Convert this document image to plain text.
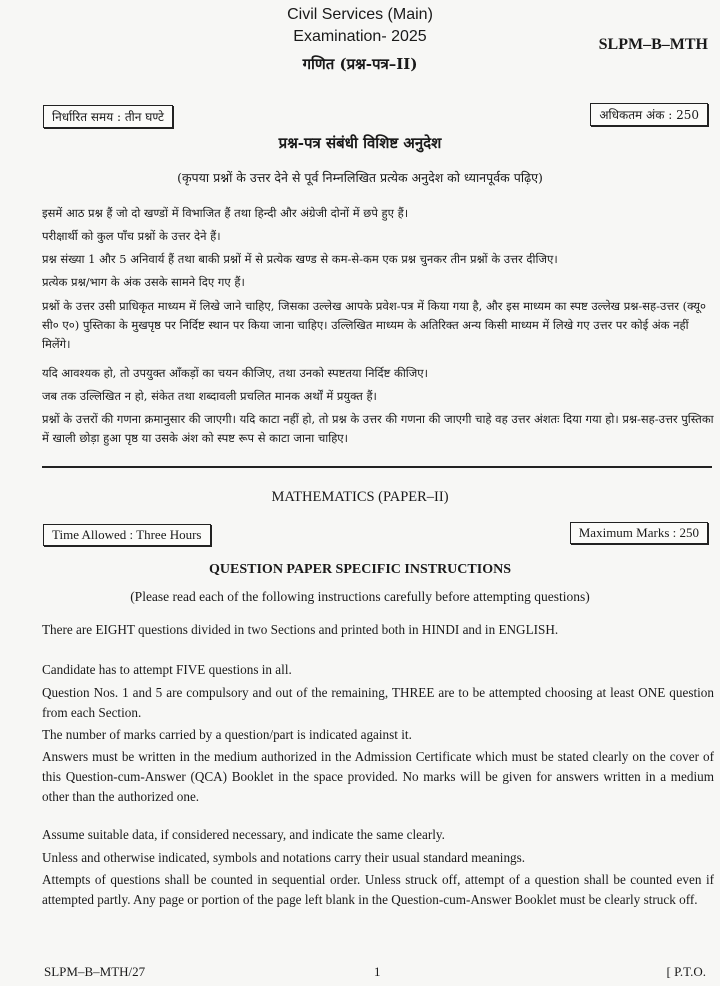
Civil Services (Main)
Examination- 2025	SLPM–B–MTH
गणित (प्रश्न-पत्र–II)
निर्धारित समय : तीन घण्टे	अधिकतम अंक : 250
प्रश्न-पत्र संबंधी विशिष्ट अनुदेश
(कृपया प्रश्नों के उत्तर देने से पूर्व निम्नलिखित प्रत्येक अनुदेश को ध्यानपूर्वक पढ़िए)
इसमें आठ प्रश्न हैं जो दो खण्डों में विभाजित हैं तथा हिन्दी और अंग्रेजी दोनों में छपे हुए हैं।
परीक्षार्थी को कुल पाँच प्रश्नों के उत्तर देने हैं।
प्रश्न संख्या 1 और 5 अनिवार्य हैं तथा बाकी प्रश्नों में से प्रत्येक खण्ड से कम-से-कम एक प्रश्न चुनकर तीन प्रश्नों के उत्तर दीजिए।
प्रत्येक प्रश्न/भाग के अंक उसके सामने दिए गए हैं।
प्रश्नों के उत्तर उसी प्राधिकृत माध्यम में लिखे जाने चाहिए, जिसका उल्लेख आपके प्रवेश-पत्र में किया गया है, और इस माध्यम का स्पष्ट उल्लेख प्रश्न-सह-उत्तर (क्यू० सी० ए०) पुस्तिका के मुखपृष्ठ पर निर्दिष्ट स्थान पर किया जाना चाहिए। उल्लिखित माध्यम के अतिरिक्त अन्य किसी माध्यम में लिखे गए उत्तर पर कोई अंक नहीं मिलेंगे।
यदि आवश्यक हो, तो उपयुक्त आँकड़ों का चयन कीजिए, तथा उनको स्पष्टतया निर्दिष्ट कीजिए।
जब तक उल्लिखित न हो, संकेत तथा शब्दावली प्रचलित मानक अर्थों में प्रयुक्त हैं।
प्रश्नों के उत्तरों की गणना क्रमानुसार की जाएगी। यदि काटा नहीं हो, तो प्रश्न के उत्तर की गणना की जाएगी चाहे वह उत्तर अंशतः दिया गया हो। प्रश्न-सह-उत्तर पुस्तिका में खाली छोड़ा हुआ पृष्ठ या उसके अंश को स्पष्ट रूप से काटा जाना चाहिए।
MATHEMATICS (PAPER–II)
Time Allowed : Three Hours	Maximum Marks : 250
QUESTION PAPER SPECIFIC INSTRUCTIONS
(Please read each of the following instructions carefully before attempting questions)
There are EIGHT questions divided in two Sections and printed both in HINDI and in ENGLISH.
Candidate has to attempt FIVE questions in all.
Question Nos. 1 and 5 are compulsory and out of the remaining, THREE are to be attempted choosing at least ONE question from each Section.
The number of marks carried by a question/part is indicated against it.
Answers must be written in the medium authorized in the Admission Certificate which must be stated clearly on the cover of this Question-cum-Answer (QCA) Booklet in the space provided. No marks will be given for answers written in a medium other than the authorized one.
Assume suitable data, if considered necessary, and indicate the same clearly.
Unless and otherwise indicated, symbols and notations carry their usual standard meanings.
Attempts of questions shall be counted in sequential order. Unless struck off, attempt of a question shall be counted even if attempted partly. Any page or portion of the page left blank in the Question-cum-Answer Booklet must be clearly struck off.
SLPM–B–MTH/27	1	[ P.T.O.
